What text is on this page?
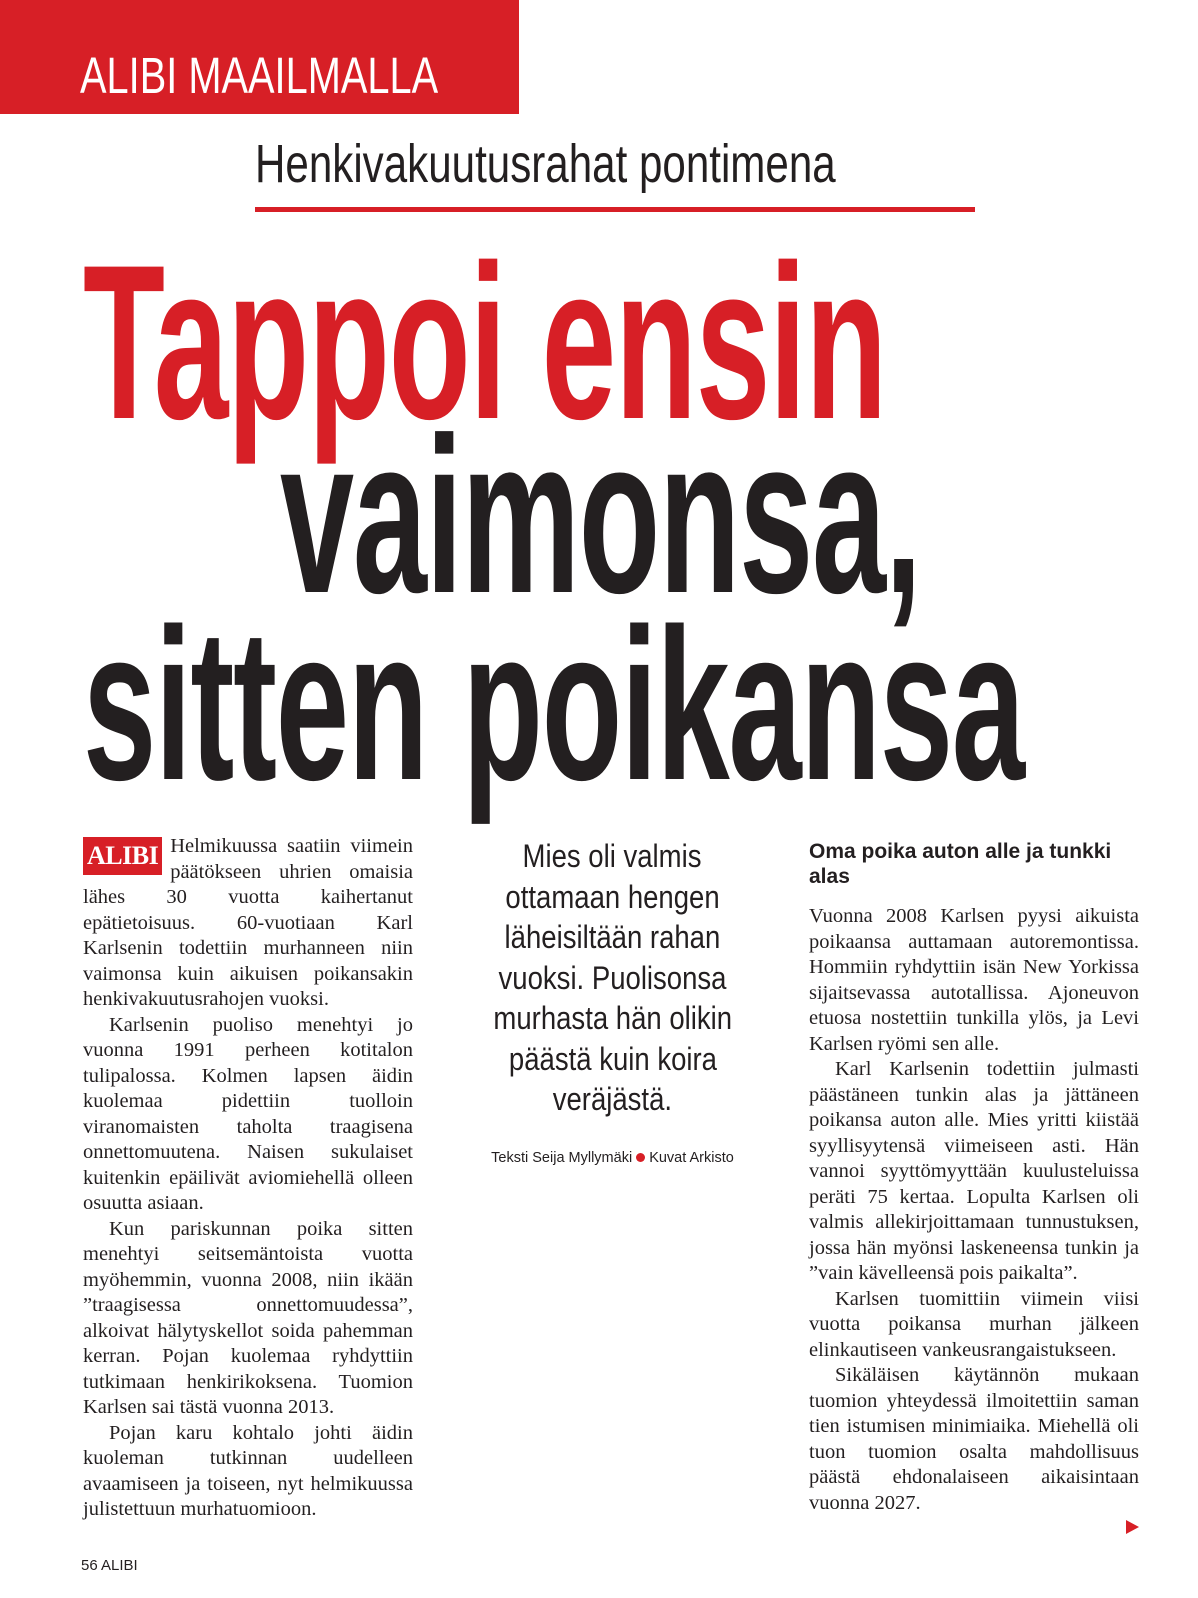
ALIBI MAAILMALLA
Henkivakuutusrahat pontimena
Tappoi ensin
vaimonsa,
sitten poikansa

ALIBI Helmikuussa saatiin viimein päätökseen uhrien omaisia lähes 30 vuotta kaihertanut epätietoisuus. 60-vuotiaan Karl Karlsenin todettiin murhanneen niin vaimonsa kuin aikuisen poikansakin henkivakuutusrahojen vuoksi.

Karlsenin puoliso menehtyi jo vuonna 1991 perheen kotitalon tulipalossa. Kolmen lapsen äidin kuolemaa pidettiin tuolloin viranomaisten taholta traagisena onnettomuutena. Naisen sukulaiset kuitenkin epäilivät aviomiehellä olleen osuutta asiaan.

Kun pariskunnan poika sitten menehtyi seitsemäntoista vuotta myöhemmin, vuonna 2008, niin ikään ”traagisessa onnettomuudessa”, alkoivat hälytyskellot soida pahemman kerran. Pojan kuolemaa ryhdyttiin tutkimaan henkirikoksena. Tuomion Karlsen sai tästä vuonna 2013.

Pojan karu kohtalo johti äidin kuoleman tutkinnan uudelleen avaamiseen ja toiseen, nyt helmikuussa julistettuun murhatuomioon.

Mies oli valmis
ottamaan hengen
läheisiltään rahan
vuoksi. Puolisonsa
murhasta hän olikin
päästä kuin koira
veräjästä.
Teksti Seija Myllymäki Kuvat Arkisto
Oma poika auton alle ja tunkki alas

Vuonna 2008 Karlsen pyysi aikuista poikaansa auttamaan autoremontissa. Hommiin ryhdyttiin isän New Yorkissa sijaitsevassa autotallissa. Ajoneuvon etuosa nostettiin tunkilla ylös, ja Levi Karlsen ryömi sen alle.

Karl Karlsenin todettiin julmasti päästäneen tunkin alas ja jättäneen poikansa auton alle. Mies yritti kiistää syyllisyytensä viimeiseen asti. Hän vannoi syyttömyyttään kuulusteluissa peräti 75 kertaa. Lopulta Karlsen oli valmis allekirjoittamaan tunnustuksen, jossa hän myönsi laskeneensa tunkin ja ”vain kävelleensä pois paikalta”.

Karlsen tuomittiin viimein viisi vuotta poikansa murhan jälkeen elinkautiseen vankeusrangaistukseen.

Sikäläisen käytännön mukaan tuomion yhteydessä ilmoitettiin saman tien istumisen minimiaika. Miehellä oli tuon tuomion osalta mahdollisuus päästä ehdonalaiseen aikaisintaan vuonna 2027.

56 ALIBI
